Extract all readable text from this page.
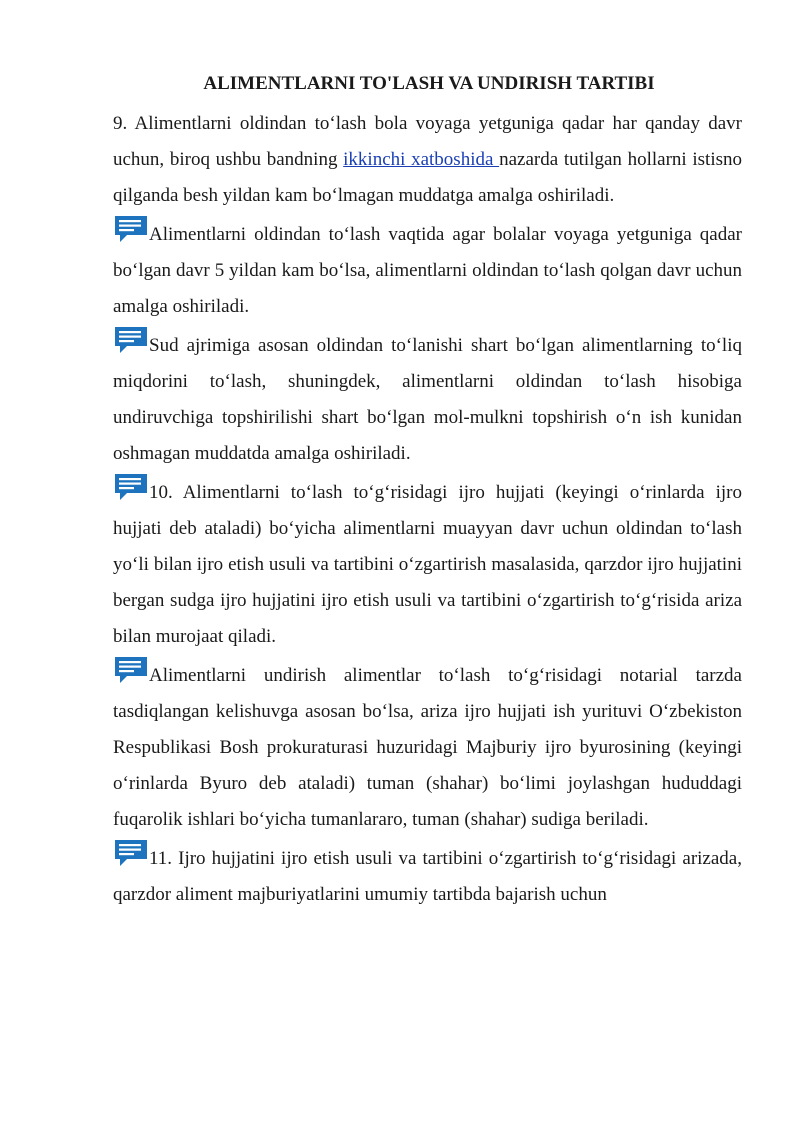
ALIMENTLARNI TO'LASH VA UNDIRISH TARTIBI

9. Alimentlarni oldindan to‘lash bola voyaga yetguniga qadar har qanday davr uchun, biroq ushbu bandning ikkinchi xatboshida nazarda tutilgan hollarni istisno qilganda besh yildan kam bo‘lmagan muddatga amalga oshiriladi.

Alimentlarni oldindan to‘lash vaqtida agar bolalar voyaga yetguniga qadar bo‘lgan davr 5 yildan kam bo‘lsa, alimentlarni oldindan to‘lash qolgan davr uchun amalga oshiriladi.

Sud ajrimiga asosan oldindan to‘lanishi shart bo‘lgan alimentlarning to‘liq miqdorini to‘lash, shuningdek, alimentlarni oldindan to‘lash hisobiga undiruvchiga topshirilishi shart bo‘lgan mol-mulkni topshirish o‘n ish kunidan oshmagan muddatda amalga oshiriladi.

10. Alimentlarni to‘lash to‘g‘risidagi ijro hujjati (keyingi o‘rinlarda ijro hujjati deb ataladi) bo‘yicha alimentlarni muayyan davr uchun oldindan to‘lash yo‘li bilan ijro etish usuli va tartibini o‘zgartirish masalasida, qarzdor ijro hujjatini bergan sudga ijro hujjatini ijro etish usuli va tartibini o‘zgartirish to‘g‘risida ariza bilan murojaat qiladi.

Alimentlarni undirish alimentlar to‘lash to‘g‘risidagi notarial tarzda tasdiqlangan kelishuvga asosan bo‘lsa, ariza ijro hujjati ish yurituvi O‘zbekiston Respublikasi Bosh prokuraturasi huzuridagi Majburiy ijro byurosining (keyingi o‘rinlarda Byuro deb ataladi) tuman (shahar) bo‘limi joylashgan hududdagi fuqarolik ishlari bo‘yicha tumanlararo, tuman (shahar) sudiga beriladi.

11. Ijro hujjatini ijro etish usuli va tartibini o‘zgartirish to‘g‘risidagi arizada, qarzdor aliment majburiyatlarini umumiy tartibda bajarish uchun
